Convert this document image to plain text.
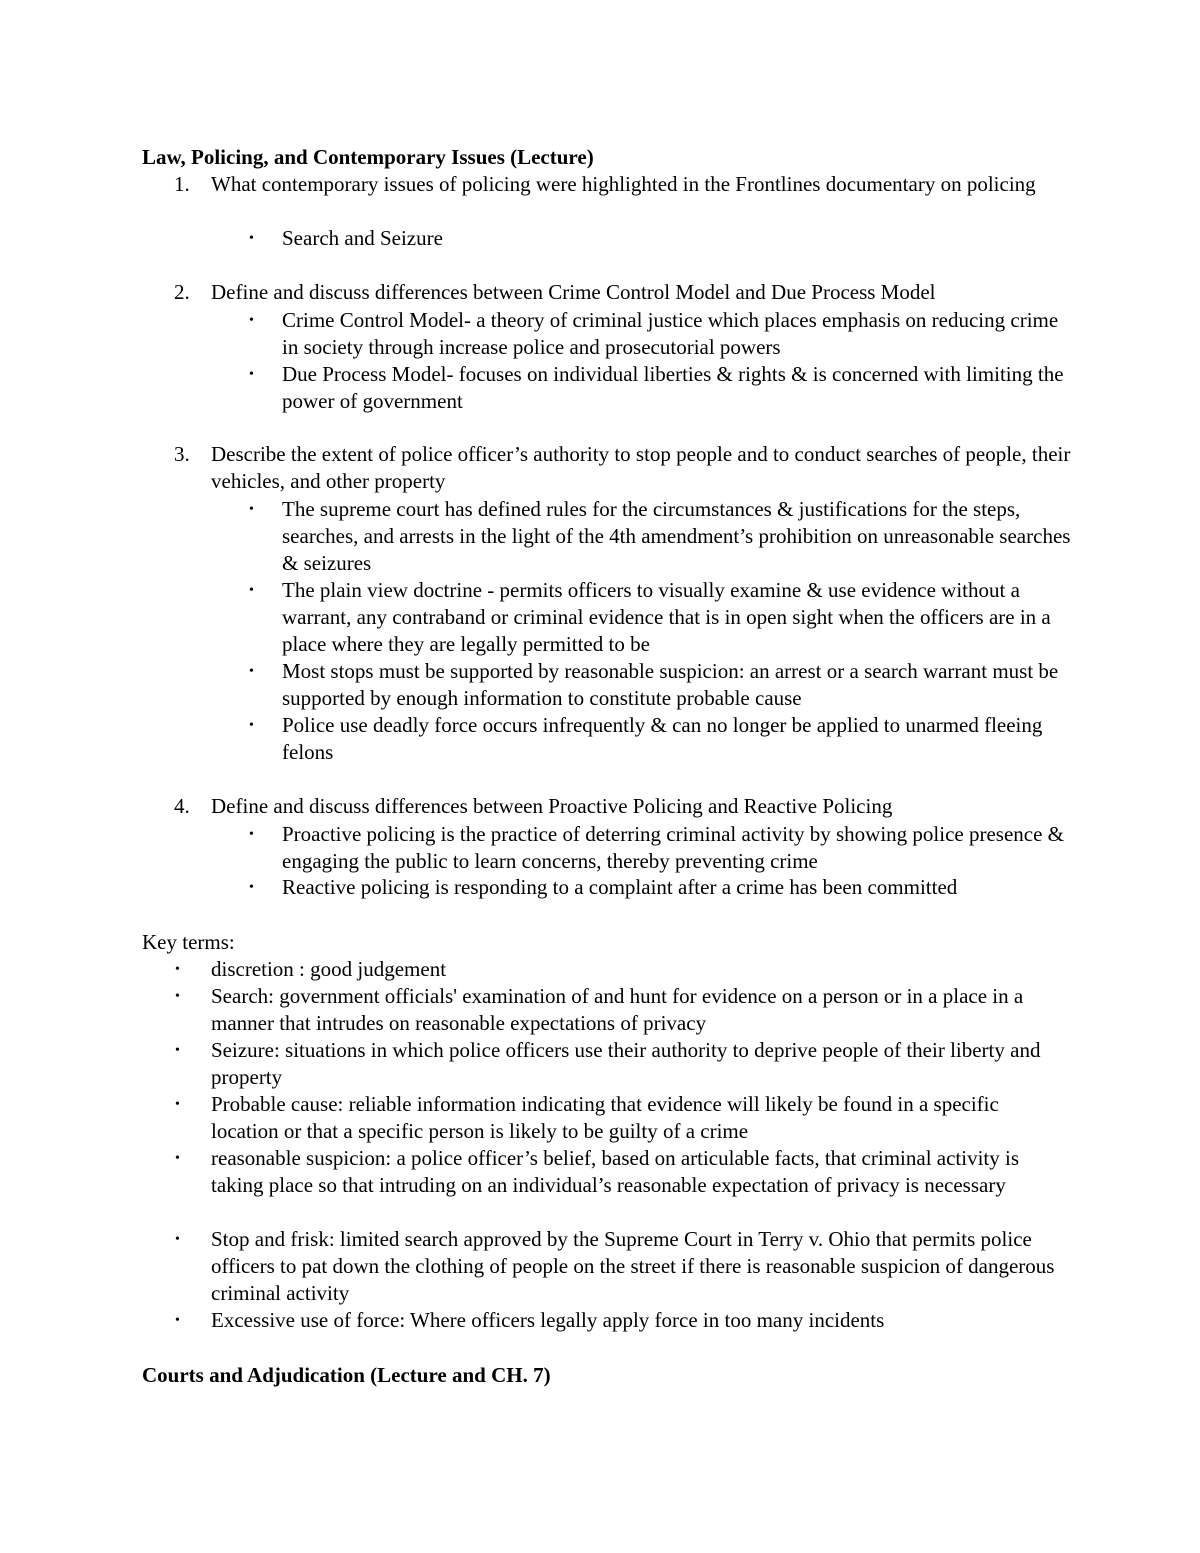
Law, Policing, and Contemporary Issues (Lecture)
1. What contemporary issues of policing were highlighted in the Frontlines documentary on policing
• Search and Seizure
2. Define and discuss differences between Crime Control Model and Due Process Model
• Crime Control Model- a theory of criminal justice which places emphasis on reducing crime in society through increase police and prosecutorial powers
• Due Process Model- focuses on individual liberties & rights & is concerned with limiting the power of government
3. Describe the extent of police officer’s authority to stop people and to conduct searches of people, their vehicles, and other property
• The supreme court has defined rules for the circumstances & justifications for the steps, searches, and arrests in the light of the 4th amendment’s prohibition on unreasonable searches & seizures
• The plain view doctrine - permits officers to visually examine & use evidence without a warrant, any contraband or criminal evidence that is in open sight when the officers are in a place where they are legally permitted to be
• Most stops must be supported by reasonable suspicion: an arrest or a search warrant must be supported by enough information to constitute probable cause
• Police use deadly force occurs infrequently & can no longer be applied to unarmed fleeing felons
4. Define and discuss differences between Proactive Policing and Reactive Policing
• Proactive policing is the practice of deterring criminal activity by showing police presence & engaging the public to learn concerns, thereby preventing crime
• Reactive policing is responding to a complaint after a crime has been committed
Key terms:
• discretion : good judgement
• Search: government officials' examination of and hunt for evidence on a person or in a place in a manner that intrudes on reasonable expectations of privacy
• Seizure: situations in which police officers use their authority to deprive people of their liberty and property
• Probable cause: reliable information indicating that evidence will likely be found in a specific location or that a specific person is likely to be guilty of a crime
• reasonable suspicion: a police officer’s belief, based on articulable facts, that criminal activity is taking place so that intruding on an individual’s reasonable expectation of privacy is necessary
• Stop and frisk: limited search approved by the Supreme Court in Terry v. Ohio that permits police officers to pat down the clothing of people on the street if there is reasonable suspicion of dangerous criminal activity
• Excessive use of force: Where officers legally apply force in too many incidents
Courts and Adjudication (Lecture and CH. 7)
